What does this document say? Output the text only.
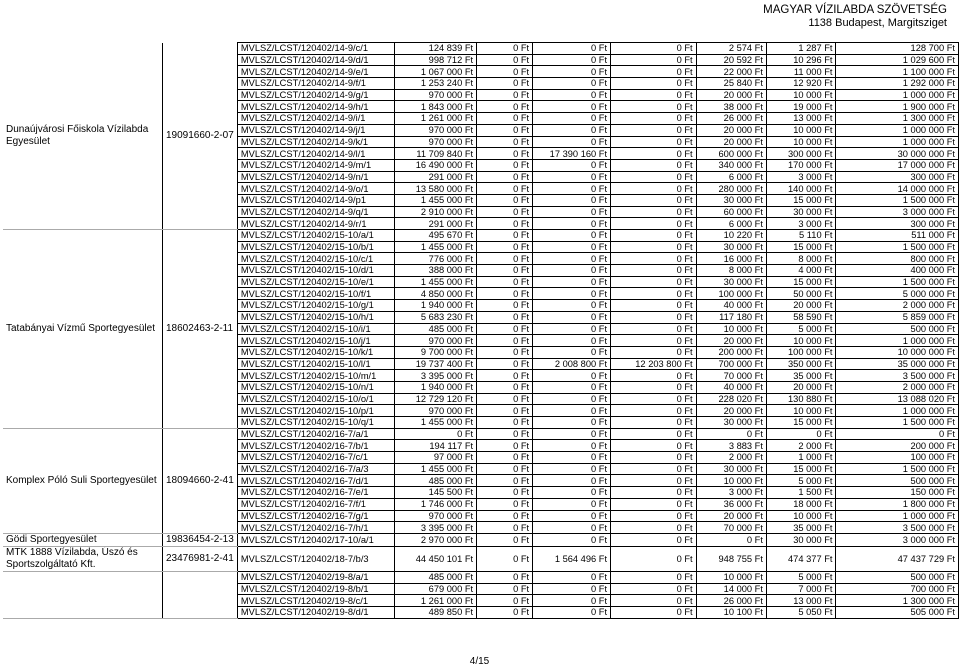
MAGYAR VÍZILABDA SZÖVETSÉG
1138 Budapest, Margitsziget
Dunaújvárosi Főiskola Vízilabda Egyesület	19091660-2-07	MVLSZ/LCST/120402/14-9/c/1	124 839 Ft	0 Ft	0 Ft	0 Ft	2 574 Ft	1 287 Ft	128 700 Ft
		MVLSZ/LCST/120402/14-9/d/1	998 712 Ft	0 Ft	0 Ft	0 Ft	20 592 Ft	10 296 Ft	1 029 600 Ft
		MVLSZ/LCST/120402/14-9/e/1	1 067 000 Ft	0 Ft	0 Ft	0 Ft	22 000 Ft	11 000 Ft	1 100 000 Ft
		MVLSZ/LCST/120402/14-9/f/1	1 253 240 Ft	0 Ft	0 Ft	0 Ft	25 840 Ft	12 920 Ft	1 292 000 Ft
		MVLSZ/LCST/120402/14-9/g/1	970 000 Ft	0 Ft	0 Ft	0 Ft	20 000 Ft	10 000 Ft	1 000 000 Ft
		MVLSZ/LCST/120402/14-9/h/1	1 843 000 Ft	0 Ft	0 Ft	0 Ft	38 000 Ft	19 000 Ft	1 900 000 Ft
		MVLSZ/LCST/120402/14-9/i/1	1 261 000 Ft	0 Ft	0 Ft	0 Ft	26 000 Ft	13 000 Ft	1 300 000 Ft
		MVLSZ/LCST/120402/14-9/j/1	970 000 Ft	0 Ft	0 Ft	0 Ft	20 000 Ft	10 000 Ft	1 000 000 Ft
		MVLSZ/LCST/120402/14-9/k/1	970 000 Ft	0 Ft	0 Ft	0 Ft	20 000 Ft	10 000 Ft	1 000 000 Ft
		MVLSZ/LCST/120402/14-9/l/1	11 709 840 Ft	0 Ft	17 390 160 Ft	0 Ft	600 000 Ft	300 000 Ft	30 000 000 Ft
		MVLSZ/LCST/120402/14-9/m/1	16 490 000 Ft	0 Ft	0 Ft	0 Ft	340 000 Ft	170 000 Ft	17 000 000 Ft
		MVLSZ/LCST/120402/14-9/n/1	291 000 Ft	0 Ft	0 Ft	0 Ft	6 000 Ft	3 000 Ft	300 000 Ft
		MVLSZ/LCST/120402/14-9/o/1	13 580 000 Ft	0 Ft	0 Ft	0 Ft	280 000 Ft	140 000 Ft	14 000 000 Ft
		MVLSZ/LCST/120402/14-9/p1	1 455 000 Ft	0 Ft	0 Ft	0 Ft	30 000 Ft	15 000 Ft	1 500 000 Ft
		MVLSZ/LCST/120402/14-9/q/1	2 910 000 Ft	0 Ft	0 Ft	0 Ft	60 000 Ft	30 000 Ft	3 000 000 Ft
		MVLSZ/LCST/120402/14-9/r/1	291 000 Ft	0 Ft	0 Ft	0 Ft	6 000 Ft	3 000 Ft	300 000 Ft
Tatabányai Vízmű Sportegyesület	18602463-2-11	MVLSZ/LCST/120402/15-10/a/1	495 670 Ft	0 Ft	0 Ft	0 Ft	10 220 Ft	5 110 Ft	511 000 Ft
		MVLSZ/LCST/120402/15-10/b/1	1 455 000 Ft	0 Ft	0 Ft	0 Ft	30 000 Ft	15 000 Ft	1 500 000 Ft
		MVLSZ/LCST/120402/15-10/c/1	776 000 Ft	0 Ft	0 Ft	0 Ft	16 000 Ft	8 000 Ft	800 000 Ft
		MVLSZ/LCST/120402/15-10/d/1	388 000 Ft	0 Ft	0 Ft	0 Ft	8 000 Ft	4 000 Ft	400 000 Ft
		MVLSZ/LCST/120402/15-10/e/1	1 455 000 Ft	0 Ft	0 Ft	0 Ft	30 000 Ft	15 000 Ft	1 500 000 Ft
		MVLSZ/LCST/120402/15-10/f/1	4 850 000 Ft	0 Ft	0 Ft	0 Ft	100 000 Ft	50 000 Ft	5 000 000 Ft
		MVLSZ/LCST/120402/15-10/g/1	1 940 000 Ft	0 Ft	0 Ft	0 Ft	40 000 Ft	20 000 Ft	2 000 000 Ft
		MVLSZ/LCST/120402/15-10/h/1	5 683 230 Ft	0 Ft	0 Ft	0 Ft	117 180 Ft	58 590 Ft	5 859 000 Ft
		MVLSZ/LCST/120402/15-10/i/1	485 000 Ft	0 Ft	0 Ft	0 Ft	10 000 Ft	5 000 Ft	500 000 Ft
		MVLSZ/LCST/120402/15-10/j/1	970 000 Ft	0 Ft	0 Ft	0 Ft	20 000 Ft	10 000 Ft	1 000 000 Ft
		MVLSZ/LCST/120402/15-10/k/1	9 700 000 Ft	0 Ft	0 Ft	0 Ft	200 000 Ft	100 000 Ft	10 000 000 Ft
		MVLSZ/LCST/120402/15-10/l/1	19 737 400 Ft	0 Ft	2 008 800 Ft	12 203 800 Ft	700 000 Ft	350 000 Ft	35 000 000 Ft
		MVLSZ/LCST/120402/15-10/m/1	3 395 000 Ft	0 Ft	0 Ft	0 Ft	70 000 Ft	35 000 Ft	3 500 000 Ft
		MVLSZ/LCST/120402/15-10/n/1	1 940 000 Ft	0 Ft	0 Ft	0 Ft	40 000 Ft	20 000 Ft	2 000 000 Ft
		MVLSZ/LCST/120402/15-10/o/1	12 729 120 Ft	0 Ft	0 Ft	0 Ft	228 020 Ft	130 880 Ft	13 088 020 Ft
		MVLSZ/LCST/120402/15-10/p/1	970 000 Ft	0 Ft	0 Ft	0 Ft	20 000 Ft	10 000 Ft	1 000 000 Ft
		MVLSZ/LCST/120402/15-10/q/1	1 455 000 Ft	0 Ft	0 Ft	0 Ft	30 000 Ft	15 000 Ft	1 500 000 Ft
Komplex Póló Suli Sportegyesület	18094660-2-41	MVLSZ/LCST/120402/16-7/a/1	0 Ft	0 Ft	0 Ft	0 Ft	0 Ft	0 Ft	0 Ft
		MVLSZ/LCST/120402/16-7/b/1	194 117 Ft	0 Ft	0 Ft	0 Ft	3 883 Ft	2 000 Ft	200 000 Ft
		MVLSZ/LCST/120402/16-7/c/1	97 000 Ft	0 Ft	0 Ft	0 Ft	2 000 Ft	1 000 Ft	100 000 Ft
		MVLSZ/LCST/120402/16-7/a/3	1 455 000 Ft	0 Ft	0 Ft	0 Ft	30 000 Ft	15 000 Ft	1 500 000 Ft
		MVLSZ/LCST/120402/16-7/d/1	485 000 Ft	0 Ft	0 Ft	0 Ft	10 000 Ft	5 000 Ft	500 000 Ft
		MVLSZ/LCST/120402/16-7/e/1	145 500 Ft	0 Ft	0 Ft	0 Ft	3 000 Ft	1 500 Ft	150 000 Ft
		MVLSZ/LCST/120402/16-7/f/1	1 746 000 Ft	0 Ft	0 Ft	0 Ft	36 000 Ft	18 000 Ft	1 800 000 Ft
		MVLSZ/LCST/120402/16-7/g/1	970 000 Ft	0 Ft	0 Ft	0 Ft	20 000 Ft	10 000 Ft	1 000 000 Ft
		MVLSZ/LCST/120402/16-7/h/1	3 395 000 Ft	0 Ft	0 Ft	0 Ft	70 000 Ft	35 000 Ft	3 500 000 Ft
Gödi Sportegyesület	19836454-2-13	MVLSZ/LCST/120402/17-10/a/1	2 970 000 Ft	0 Ft	0 Ft	0 Ft	0 Ft	30 000 Ft	3 000 000 Ft
MTK 1888 Vízilabda, Úszó és Sportszolgáltató Kft.	23476981-2-41	MVLSZ/LCST/120402/18-7/b/3	44 450 101 Ft	0 Ft	1 564 496 Ft	0 Ft	948 755 Ft	474 377 Ft	47 437 729 Ft
		MVLSZ/LCST/120402/19-8/a/1	485 000 Ft	0 Ft	0 Ft	0 Ft	10 000 Ft	5 000 Ft	500 000 Ft
		MVLSZ/LCST/120402/19-8/b/1	679 000 Ft	0 Ft	0 Ft	0 Ft	14 000 Ft	7 000 Ft	700 000 Ft
		MVLSZ/LCST/120402/19-8/c/1	1 261 000 Ft	0 Ft	0 Ft	0 Ft	26 000 Ft	13 000 Ft	1 300 000 Ft
		MVLSZ/LCST/120402/19-8/d/1	489 850 Ft	0 Ft	0 Ft	0 Ft	10 100 Ft	5 050 Ft	505 000 Ft
4/15
